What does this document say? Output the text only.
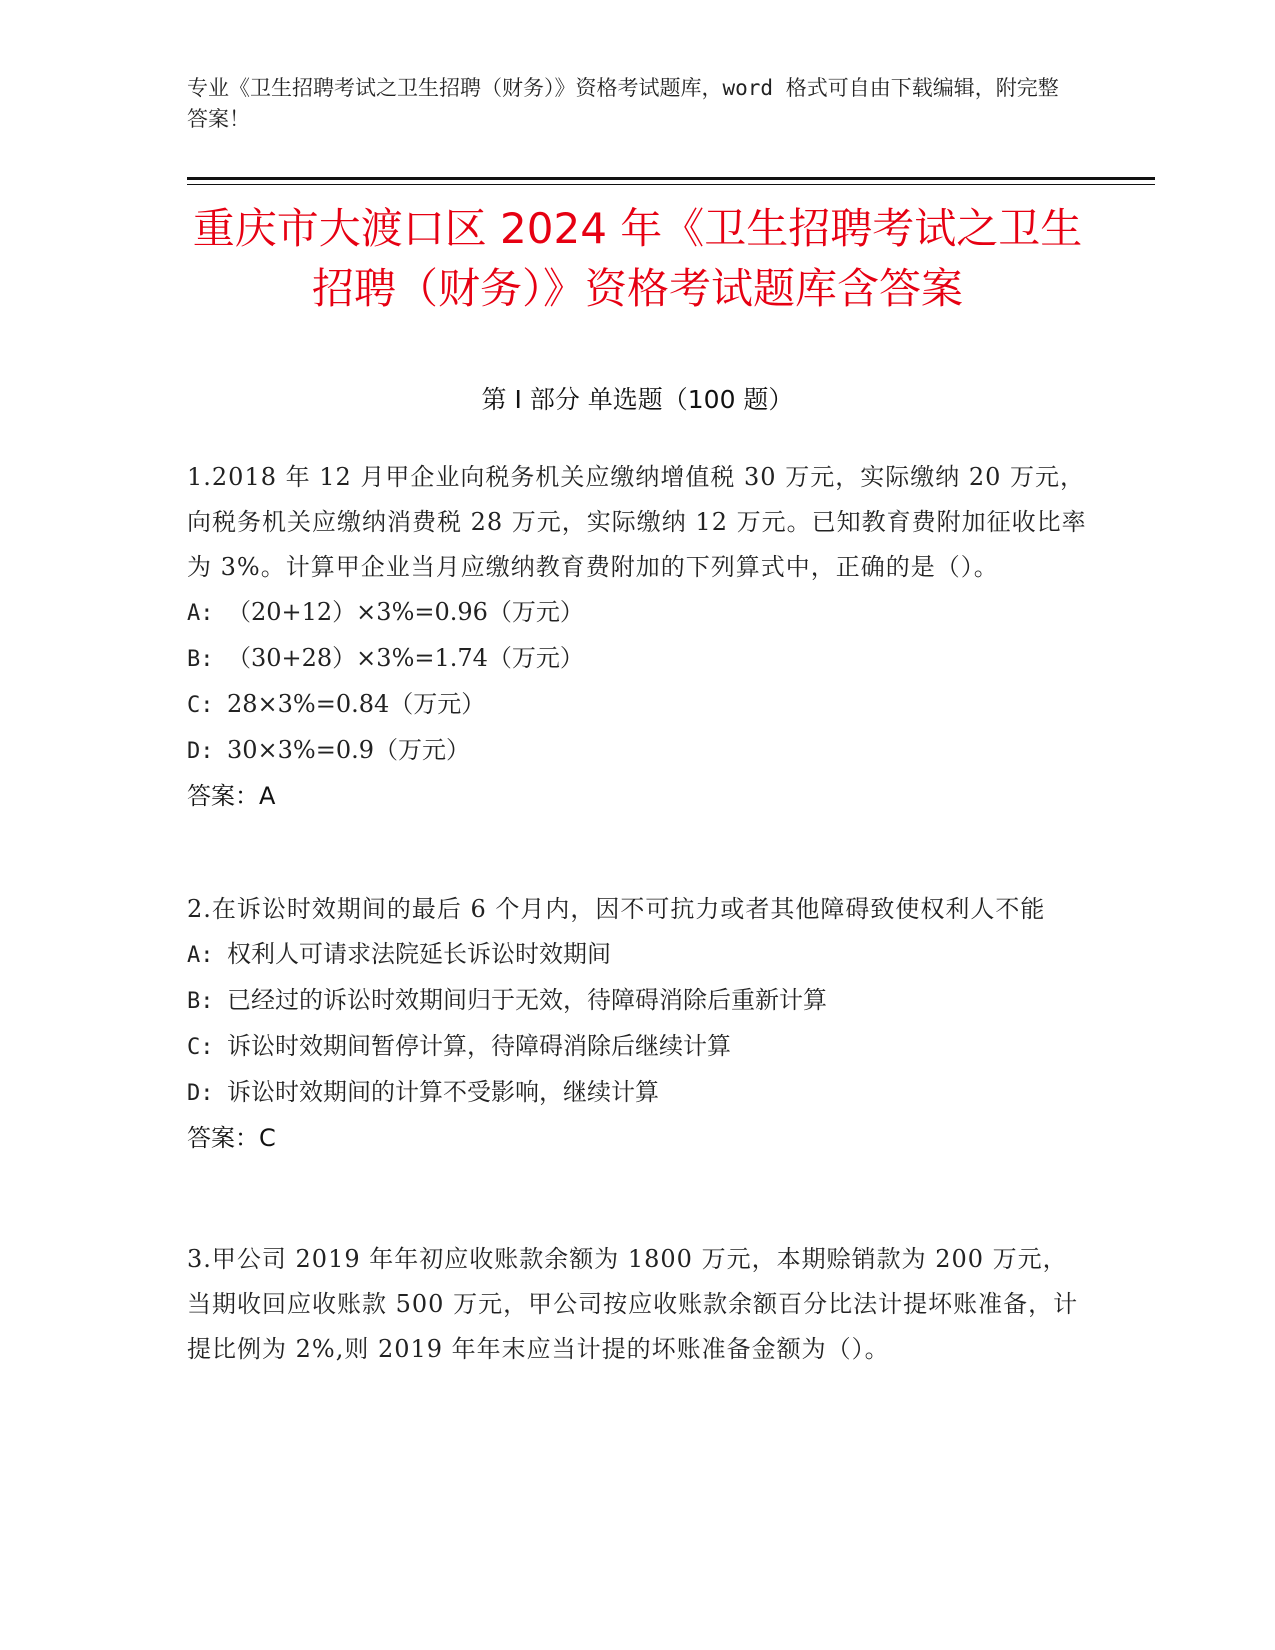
专业《卫生招聘考试之卫生招聘（财务）》资格考试题库，word 格式可自由下载编辑，附完整答案！
重庆市大渡口区 2024 年《卫生招聘考试之卫生招聘（财务）》资格考试题库含答案
第 I 部分 单选题（100 题）
1.2018 年 12 月甲企业向税务机关应缴纳增值税 30 万元，实际缴纳 20 万元，向税务机关应缴纳消费税 28 万元，实际缴纳 12 万元。已知教育费附加征收比率为 3%。计算甲企业当月应缴纳教育费附加的下列算式中，正确的是（）。
A: （20+12）×3%=0.96（万元）
B: （30+28）×3%=1.74（万元）
C: 28×3%=0.84（万元）
D: 30×3%=0.9（万元）
答案：A
2.在诉讼时效期间的最后 6 个月内，因不可抗力或者其他障碍致使权利人不能
A: 权利人可请求法院延长诉讼时效期间
B: 已经过的诉讼时效期间归于无效，待障碍消除后重新计算
C: 诉讼时效期间暂停计算，待障碍消除后继续计算
D: 诉讼时效期间的计算不受影响，继续计算
答案：C
3.甲公司 2019 年年初应收账款余额为 1800 万元，本期赊销款为 200 万元，当期收回应收账款 500 万元，甲公司按应收账款余额百分比法计提坏账准备，计提比例为 2%,则 2019 年年末应当计提的坏账准备金额为（）。
